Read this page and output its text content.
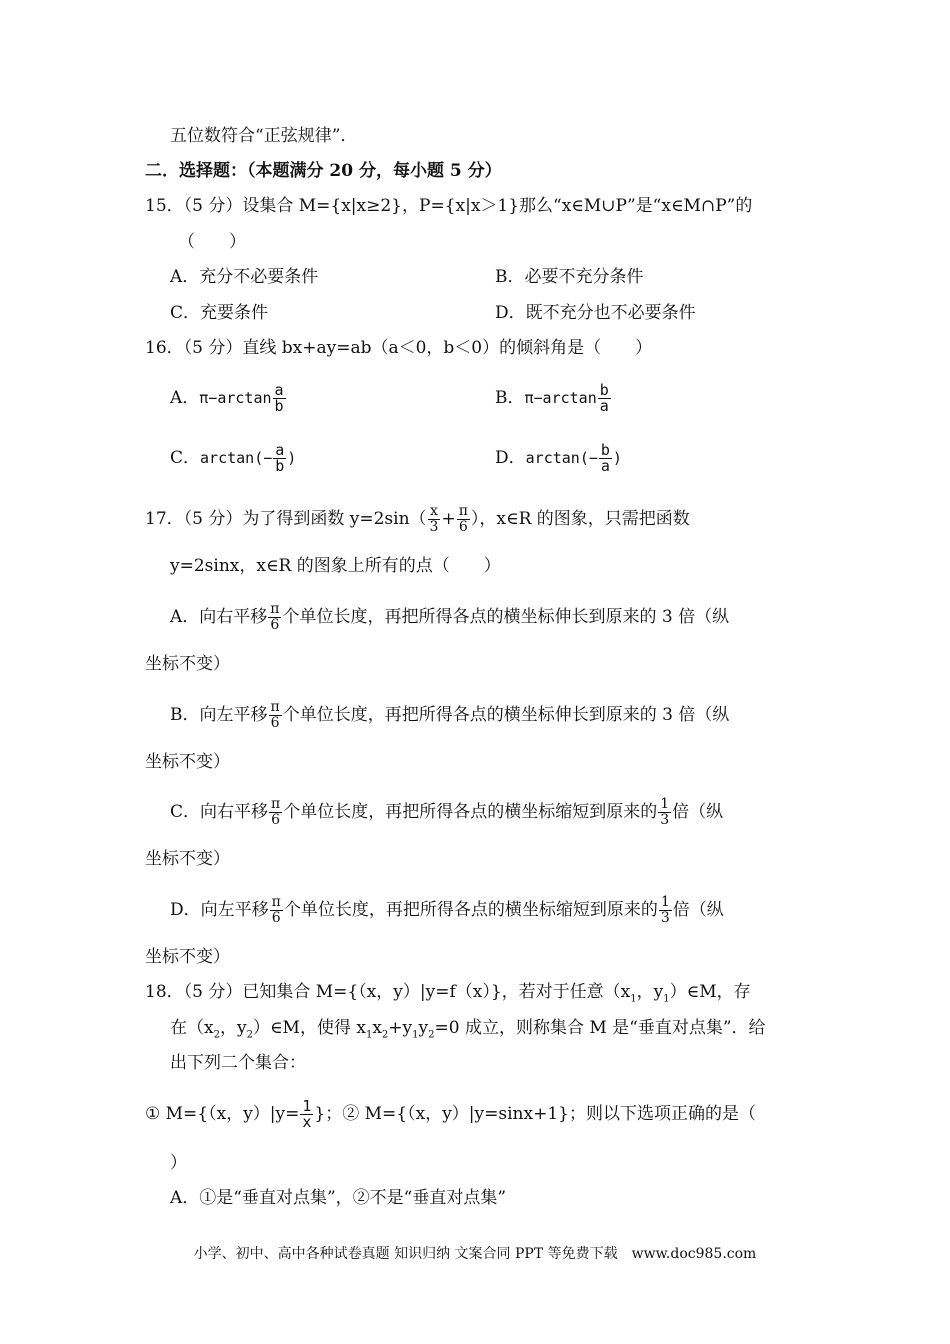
五位数符合“正弦规律”．
二．选择题：（本题满分 20 分，每小题 5 分）
15．（5 分）设集合 M={x|x≥2}，P={x|x＞1}那么“x∈M∪P”是“x∈M∩P”的
（　　）
A．充分不必要条件	B．必要不充分条件
C．充要条件	D．既不充分也不必要条件
16．（5 分）直线 bx+ay=ab（a＜0，b＜0）的倾斜角是（　　）
A．$\pi-\arctan \frac{a}{b}$	B．$\pi-\arctan \frac{b}{a}$
C．$\arctan(- \frac{a}{b}$ )	D．$\arctan(- \frac{b}{a}$ )
17．（5 分）为了得到函数 $y=2\sin( \frac{x}{3} + \frac{\pi}{6}$ ），x∈R 的图象，只需把函数
y=2sinx，x∈R 的图象上所有的点（　　）
A．向右平移 $\frac{\pi}{6}$ 个单位长度，再把所得各点的横坐标伸长到原来的 3 倍（纵
坐标不变）
B．向左平移 $\frac{\pi}{6}$ 个单位长度，再把所得各点的横坐标伸长到原来的 3 倍（纵
坐标不变）
C．向右平移 $\frac{\pi}{6}$ 个单位长度，再把所得各点的横坐标缩短到原来的 $\frac{1}{3}$ 倍（纵
坐标不变）
D．向左平移 $\frac{\pi}{6}$ 个单位长度，再把所得各点的横坐标缩短到原来的 $\frac{1}{3}$ 倍（纵
坐标不变）
18．（5 分）已知集合 M={（x，y）|y=f（x）}，若对于任意（$x_1$，$y_1)\in M$，存
在（$x_2$，$y_2)\in M$，使得 $x_1x_2+y_1y_2=0$ 成立，则称集合 M 是“垂直对点集”．给
出下列二个集合：
① M={（x，$y)|y= \frac{1}{x}$ }；② M={（x，y）|y=sinx+1}；则以下选项正确的是（
）
A．①是“垂直对点集”，②不是“垂直对点集”
小学、初中、高中各种试卷真题 知识归纳 文案合同 PPT 等免费下载　www.doc985.com
